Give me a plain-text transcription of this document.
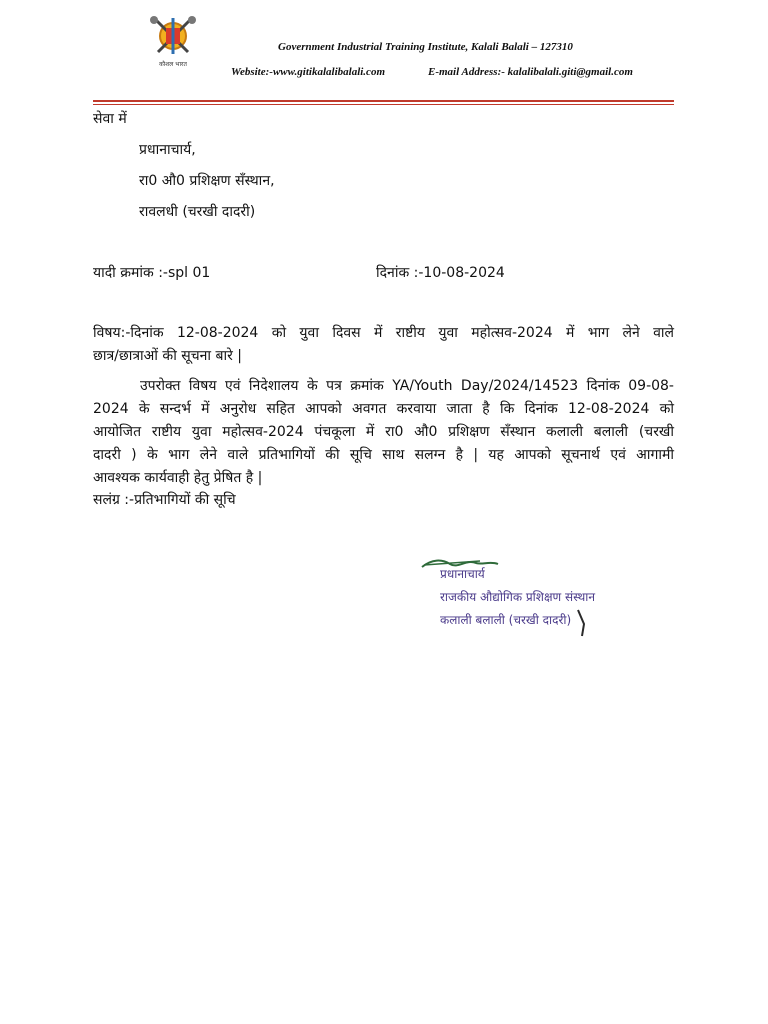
कौशल भारत
Government Industrial Training Institute, Kalali Balali – 127310
Website:-www.gitikalalibalali.com	E-mail Address:- kalalibalali.giti@gmail.com
सेवा में
प्रधानाचार्य,
रा0 औ0 प्रशिक्षण सँस्थान,
रावलधी (चरखी दादरी)
यादी क्रमांक :-spl 01	दिनांक :-10-08-2024
विषय:-दिनांक 12-08-2024 को युवा दिवस में राष्टीय युवा महोत्सव-2024 में भाग लेने वाले
छात्र/छात्राओं की सूचना बारे |
उपरोक्त विषय एवं निदेशालय के पत्र क्रमांक YA/Youth Day/2024/14523 दिनांक 09-08-
2024 के सन्दर्भ में अनुरोध सहित आपको अवगत करवाया जाता है कि दिनांक 12-08-2024 को
आयोजित राष्टीय युवा महोत्सव-2024 पंचकूला में रा0 औ0 प्रशिक्षण सँस्थान कलाली बलाली (चरखी
दादरी ) के भाग लेने वाले प्रतिभागियों की सूचि साथ सलग्न है | यह आपको सूचनार्थ एवं आगामी
आवश्यक कार्यवाही हेतु प्रेषित है |
सलंग्र :-प्रतिभागियों की सूचि
प्रधानाचार्य
राजकीय औद्योगिक प्रशिक्षण संस्थान
कलाली बलाली (चरखी दादरी)
